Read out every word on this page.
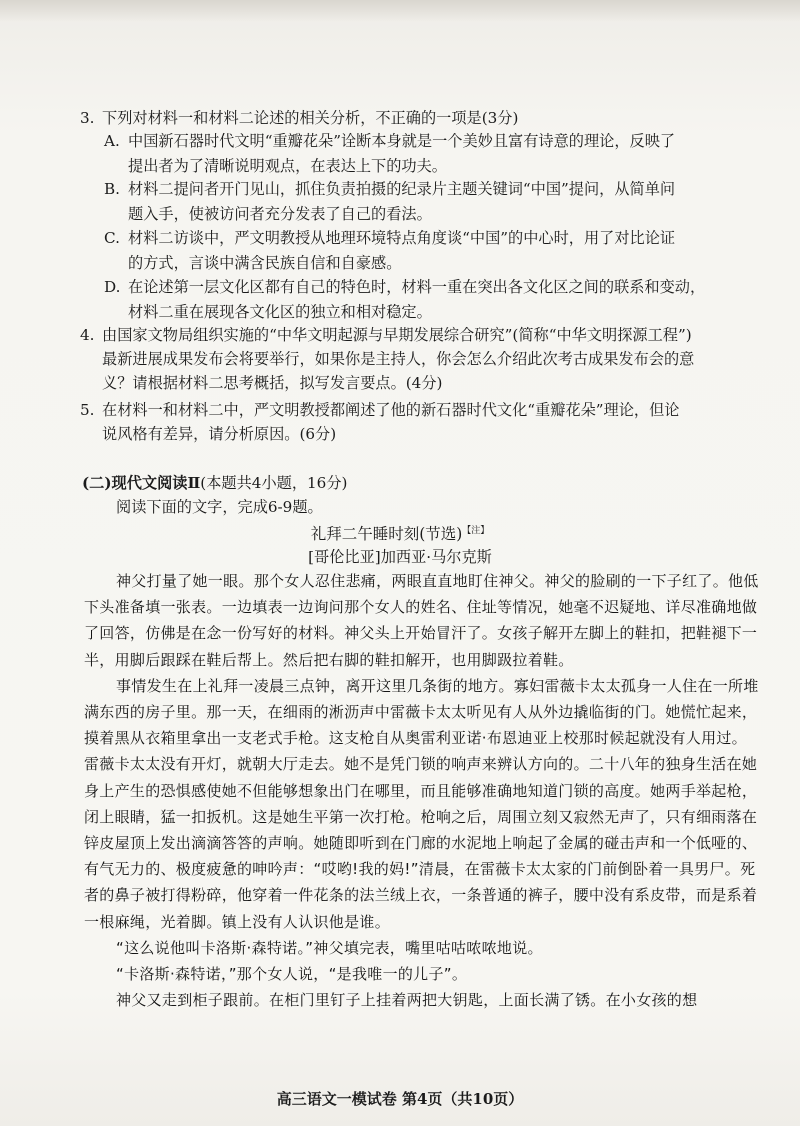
3. 下列对材料一和材料二论述的相关分析，不正确的一项是(3分)
A. 中国新石器时代文明“重瓣花朵”诠断本身就是一个美妙且富有诗意的理论，反映了
提出者为了清晰说明观点，在表达上下的功夫。
B. 材料二提问者开门见山，抓住负责拍摄的纪录片主题关键词“中国”提问，从简单问
题入手，使被访问者充分发表了自己的看法。
C. 材料二访谈中，严文明教授从地理环境特点角度谈“中国”的中心时，用了对比论证
的方式，言谈中满含民族自信和自豪感。
D. 在论述第一层文化区都有自己的特色时，材料一重在突出各文化区之间的联系和变动，
材料二重在展现各文化区的独立和相对稳定。
4. 由国家文物局组织实施的“中华文明起源与早期发展综合研究”(简称“中华文明探源工程”)
最新进展成果发布会将要举行，如果你是主持人，你会怎么介绍此次考古成果发布会的意
义？请根据材料二思考概括，拟写发言要点。(4分)
5. 在材料一和材料二中，严文明教授都阐述了他的新石器时代文化“重瓣花朵”理论，但论
说风格有差异，请分析原因。(6分)
(二)现代文阅读Ⅱ(本题共4小题，16分)
阅读下面的文字，完成6-9题。
礼拜二午睡时刻(节选)$^{【注】}$
[哥伦比亚]加西亚·马尔克斯

神父打量了她一眼。那个女人忍住悲痛，两眼直直地盯住神父。神父的脸刷的一下子红了。他低下头准备填一张表。一边填表一边询问那个女人的姓名、住址等情况，她毫不迟疑地、详尽准确地做了回答，仿佛是在念一份写好的材料。神父头上开始冒汗了。女孩子解开左脚上的鞋扣，把鞋褪下一半，用脚后跟踩在鞋后帮上。然后把右脚的鞋扣解开，也用脚趿拉着鞋。

事情发生在上礼拜一凌晨三点钟，离开这里几条街的地方。寡妇雷薇卡太太孤身一人住在一所堆满东西的房子里。那一天，在细雨的淅沥声中雷薇卡太太听见有人从外边撬临街的门。她慌忙起来，摸着黑从衣箱里拿出一支老式手枪。这支枪自从奥雷利亚诺·布恩迪亚上校那时候起就没有人用过。雷薇卡太太没有开灯，就朝大厅走去。她不是凭门锁的响声来辨认方向的。二十八年的独身生活在她身上产生的恐惧感使她不但能够想象出门在哪里，而且能够准确地知道门锁的高度。她两手举起枪，闭上眼睛，猛一扣扳机。这是她生平第一次打枪。枪响之后，周围立刻又寂然无声了，只有细雨落在锌皮屋顶上发出滴滴答答的声响。她随即听到在门廊的水泥地上响起了金属的碰击声和一个低哑的、有气无力的、极度疲惫的呻吟声：“哎哟!我的妈!”清晨，在雷薇卡太太家的门前倒卧着一具男尸。死者的鼻子被打得粉碎，他穿着一件花条的法兰绒上衣，一条普通的裤子，腰中没有系皮带，而是系着一根麻绳，光着脚。镇上没有人认识他是谁。

“这么说他叫卡洛斯·森特诺。”神父填完表，嘴里咕咕哝哝地说。

“卡洛斯·森特诺，”那个女人说，“是我唯一的儿子”。

神父又走到柜子跟前。在柜门里钉子上挂着两把大钥匙，上面长满了锈。在小女孩的想

高三语文一模试卷 第4页（共10页）
